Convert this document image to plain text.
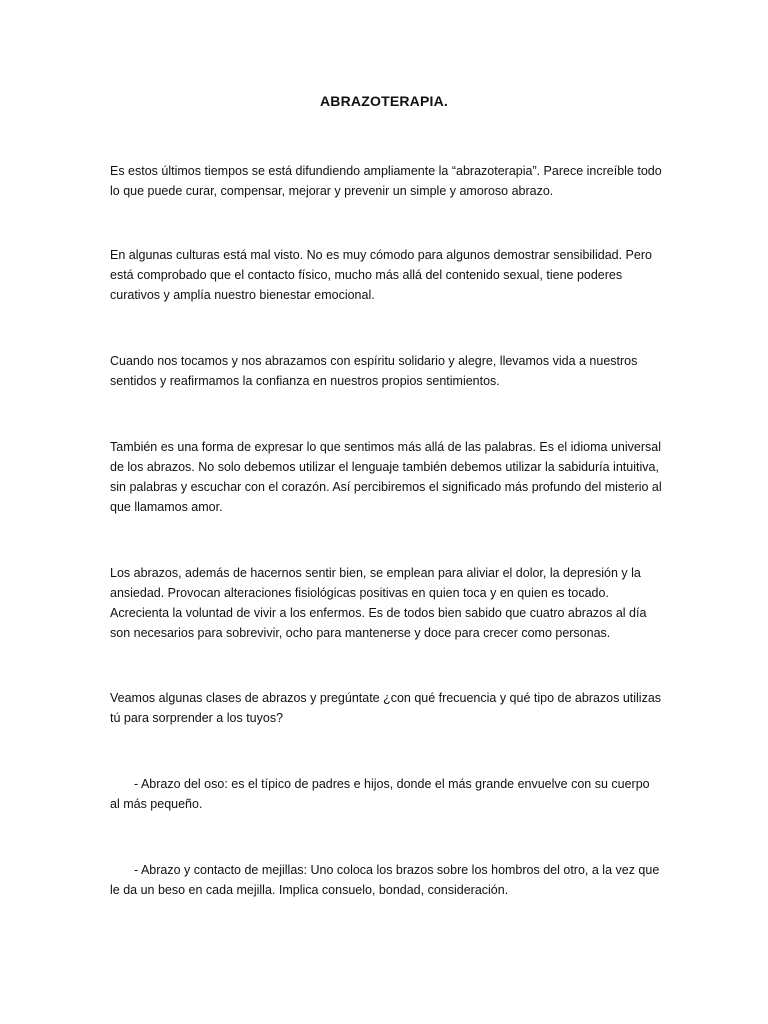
ABRAZOTERAPIA.

Es estos últimos tiempos se está difundiendo ampliamente la “abrazoterapia”. Parece increíble todo lo que puede curar, compensar, mejorar y prevenir un simple y amoroso abrazo.

En algunas culturas está mal visto. No es muy cómodo para algunos demostrar sensibilidad. Pero está comprobado que el contacto físico, mucho más allá del contenido sexual, tiene poderes curativos y amplía nuestro bienestar emocional.

Cuando nos tocamos y nos abrazamos con espíritu solidario y alegre, llevamos vida a nuestros sentidos y reafirmamos la confianza en nuestros propios sentimientos.

También es una forma de expresar lo que sentimos más allá de las palabras. Es el idioma universal de los abrazos. No solo debemos utilizar el lenguaje también debemos utilizar la sabiduría intuitiva, sin palabras y escuchar con el corazón. Así percibiremos el significado más profundo del misterio al que llamamos amor.

Los abrazos, además de hacernos sentir bien, se emplean para aliviar el dolor, la depresión y la ansiedad. Provocan alteraciones fisiológicas positivas en quien toca y en quien es tocado. Acrecienta la voluntad de vivir a los enfermos. Es de todos bien sabido que cuatro abrazos al día son necesarios para sobrevivir, ocho para mantenerse y doce para crecer como personas.

Veamos algunas clases de abrazos y pregúntate ¿con qué frecuencia y qué tipo de abrazos utilizas tú para sorprender a los tuyos?

- Abrazo del oso: es el típico de padres e hijos, donde el más grande envuelve con su cuerpo al más pequeño.

- Abrazo y contacto de mejillas: Uno coloca los brazos sobre los hombros del otro, a la vez que le da un beso en cada mejilla. Implica consuelo, bondad, consideración.
